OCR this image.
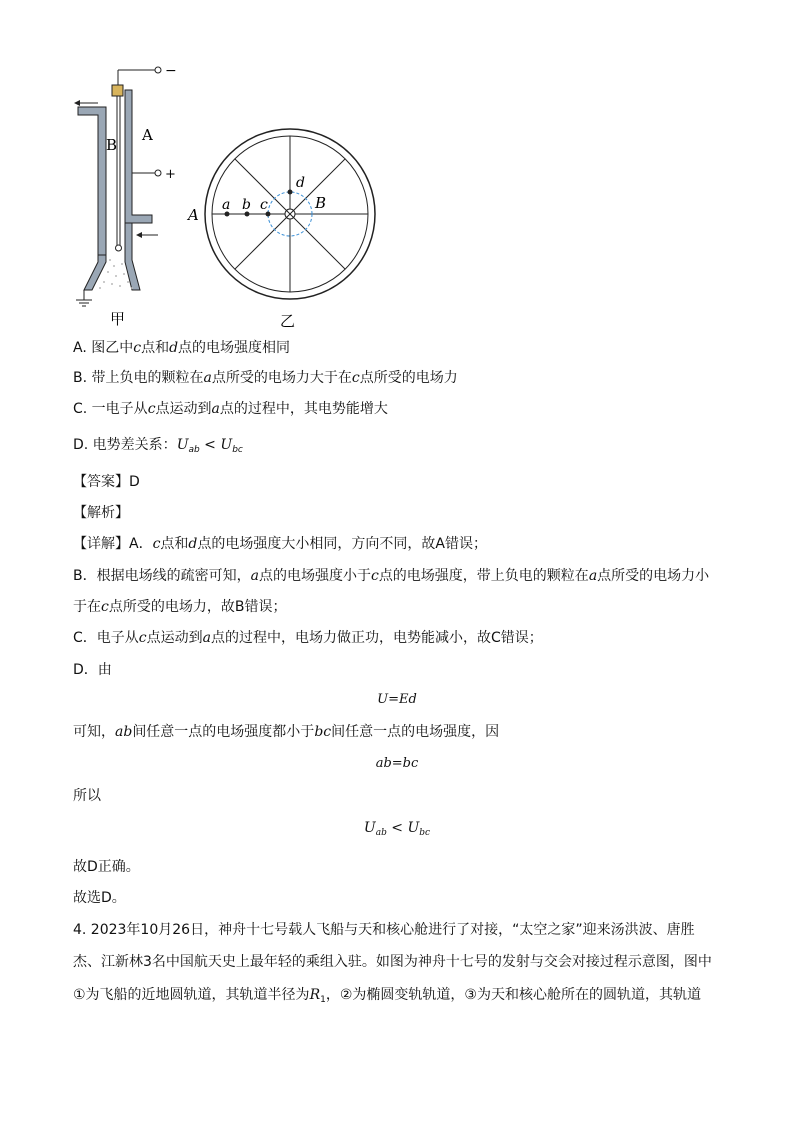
−
+
B
A
甲
a b c
d
A
B
乙
A. 图乙中c点和d点的电场强度相同
B. 带上负电的颗粒在a点所受的电场力大于在c点所受的电场力
C. 一电子从c点运动到a点的过程中，其电势能增大
D. 电势差关系：$U_{ab} < U_{bc}$
【答案】D
【解析】
【详解】A．c点和d点的电场强度大小相同，方向不同，故A错误；
B．根据电场线的疏密可知，a点的电场强度小于c点的电场强度，带上负电的颗粒在a点所受的电场力小
于在c点所受的电场力，故B错误；
C．电子从c点运动到a点的过程中，电场力做正功，电势能减小，故C错误；
D．由
U=Ed
可知，ab间任意一点的电场强度都小于bc间任意一点的电场强度，因
ab=bc
所以
$U_{ab} < U_{bc}$
故D正确。
故选D。
4. 2023年10月26日，神舟十七号载人飞船与天和核心舱进行了对接，“太空之家”迎来汤洪波、唐胜
杰、江新林3名中国航天史上最年轻的乘组入驻。如图为神舟十七号的发射与交会对接过程示意图，图中
①为飞船的近地圆轨道，其轨道半径为$R_1$，②为椭圆变轨轨道，③为天和核心舱所在的圆轨道，其轨道
